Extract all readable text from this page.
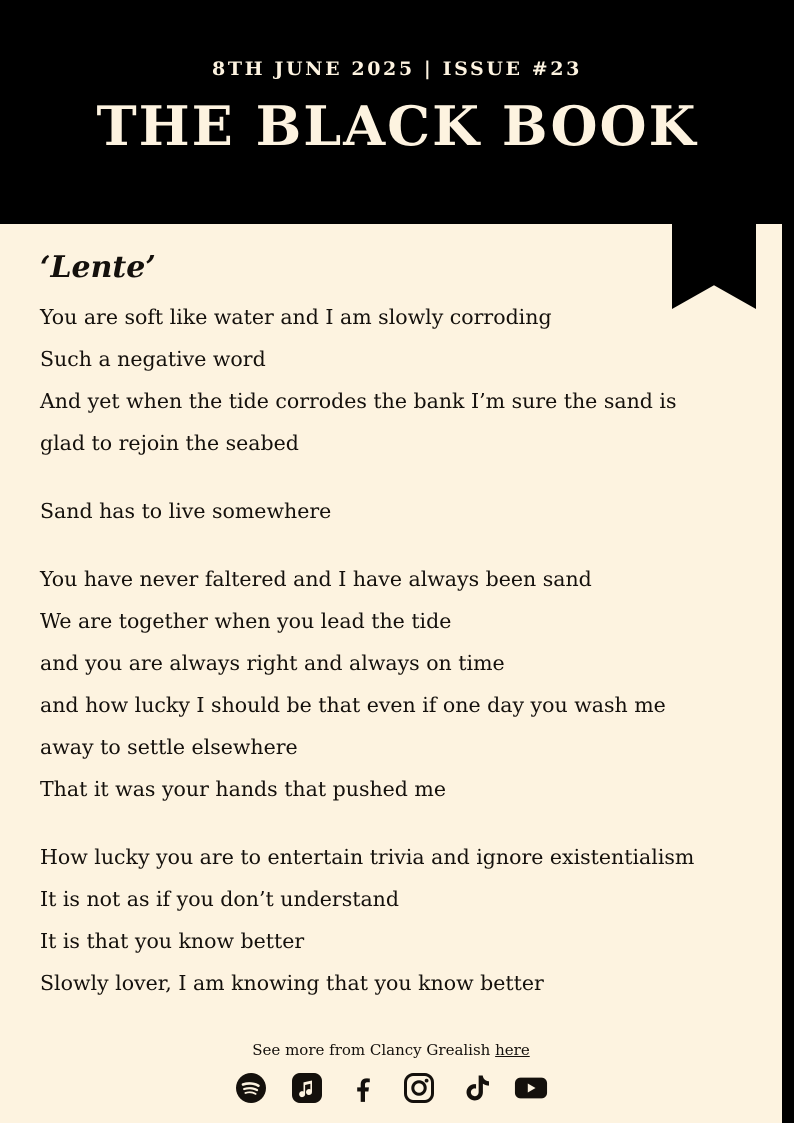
8TH JUNE 2025 | ISSUE #23
THE BLACK BOOK
‘Lente’
You are soft like water and I am slowly corroding
Such a negative word
And yet when the tide corrodes the bank I’m sure the sand is
glad to rejoin the seabed
Sand has to live somewhere
You have never faltered and I have always been sand
We are together when you lead the tide
and you are always right and always on time
and how lucky I should be that even if one day you wash me
away to settle elsewhere
That it was your hands that pushed me
How lucky you are to entertain trivia and ignore existentialism
It is not as if you don’t understand
It is that you know better
Slowly lover, I am knowing that you know better
See more from Clancy Grealish here
